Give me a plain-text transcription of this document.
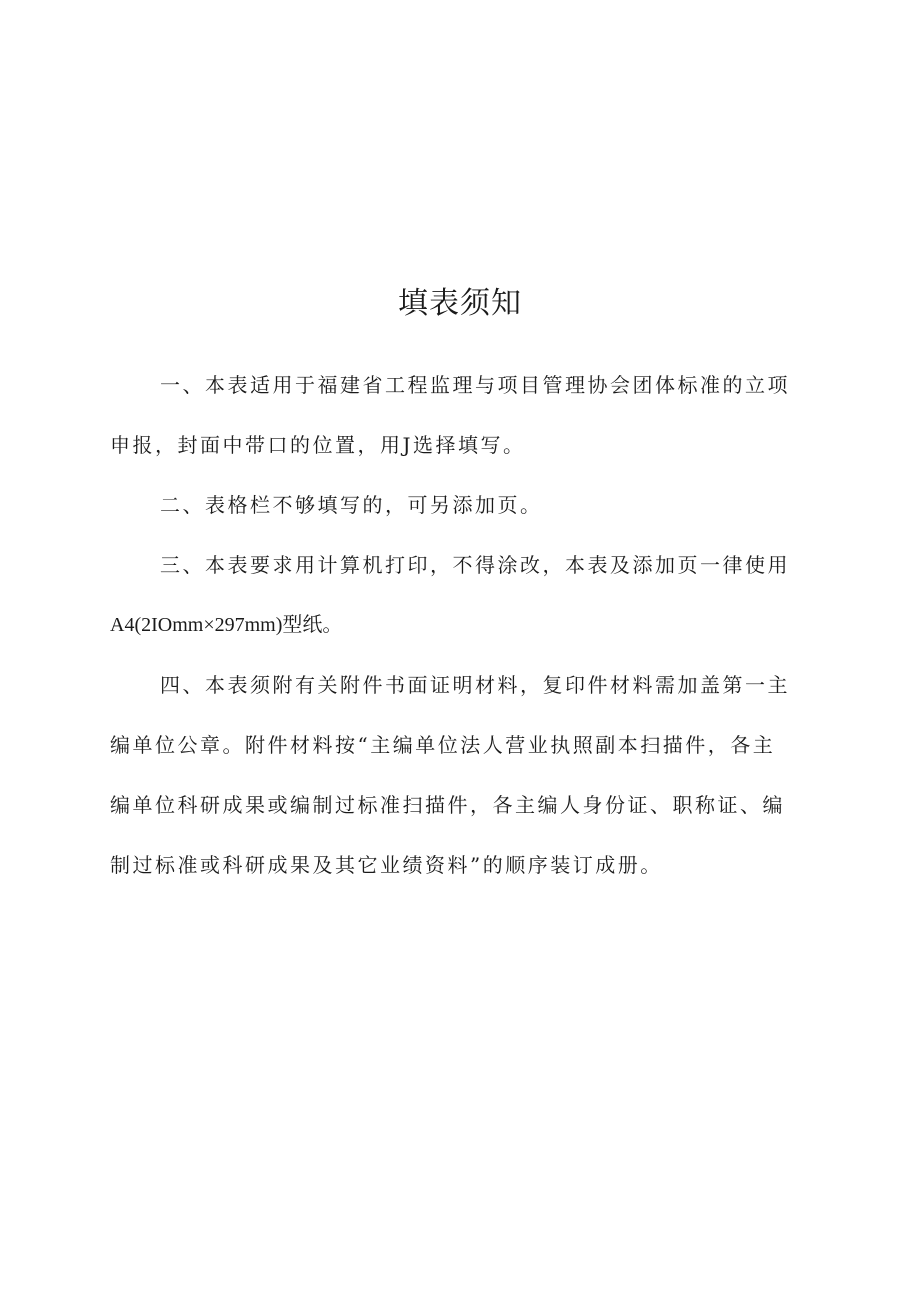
填表须知
一、本表适用于福建省工程监理与项目管理协会团体标准的立项
申报，封面中带口的位置，用J选择填写。
二、表格栏不够填写的，可另添加页。
三、本表要求用计算机打印，不得涂改，本表及添加页一律使用
A4(2IOmm×297mm)型纸。
四、本表须附有关附件书面证明材料，复印件材料需加盖第一主
编单位公章。附件材料按“主编单位法人营业执照副本扫描件，各主
编单位科研成果或编制过标准扫描件，各主编人身份证、职称证、编
制过标准或科研成果及其它业绩资料”的顺序装订成册。
